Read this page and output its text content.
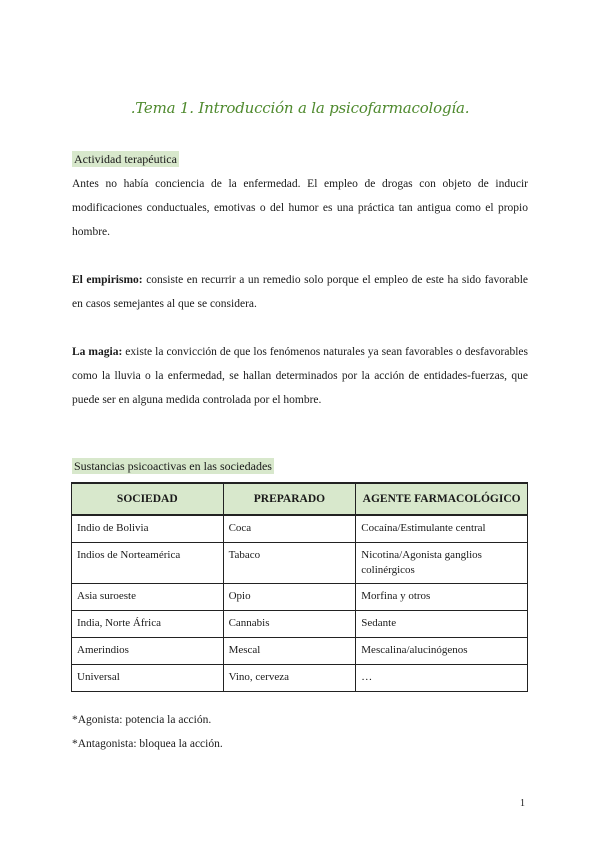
.Tema 1. Introducción a la psicofarmacología.
Actividad terapéutica
Antes no había conciencia de la enfermedad. El empleo de drogas con objeto de inducir modificaciones conductuales, emotivas o del humor es una práctica tan antigua como el propio hombre.
El empirismo: consiste en recurrir a un remedio solo porque el empleo de este ha sido favorable en casos semejantes al que se considera.
La magia: existe la convicción de que los fenómenos naturales ya sean favorables o desfavorables como la lluvia o la enfermedad, se hallan determinados por la acción de entidades-fuerzas, que puede ser en alguna medida controlada por el hombre.
Sustancias psicoactivas en las sociedades
SOCIEDAD	PREPARADO	AGENTE FARMACOLÓGICO
Indio de Bolivia	Coca	Cocaína/Estimulante central
Indios de Norteamérica	Tabaco	Nicotina/Agonista ganglios colinérgicos
Asia suroeste	Opio	Morfina y otros
India, Norte África	Cannabis	Sedante
Amerindios	Mescal	Mescalina/alucinógenos
Universal	Vino, cerveza	…
*Agonista: potencia la acción.
*Antagonista: bloquea la acción.
1
